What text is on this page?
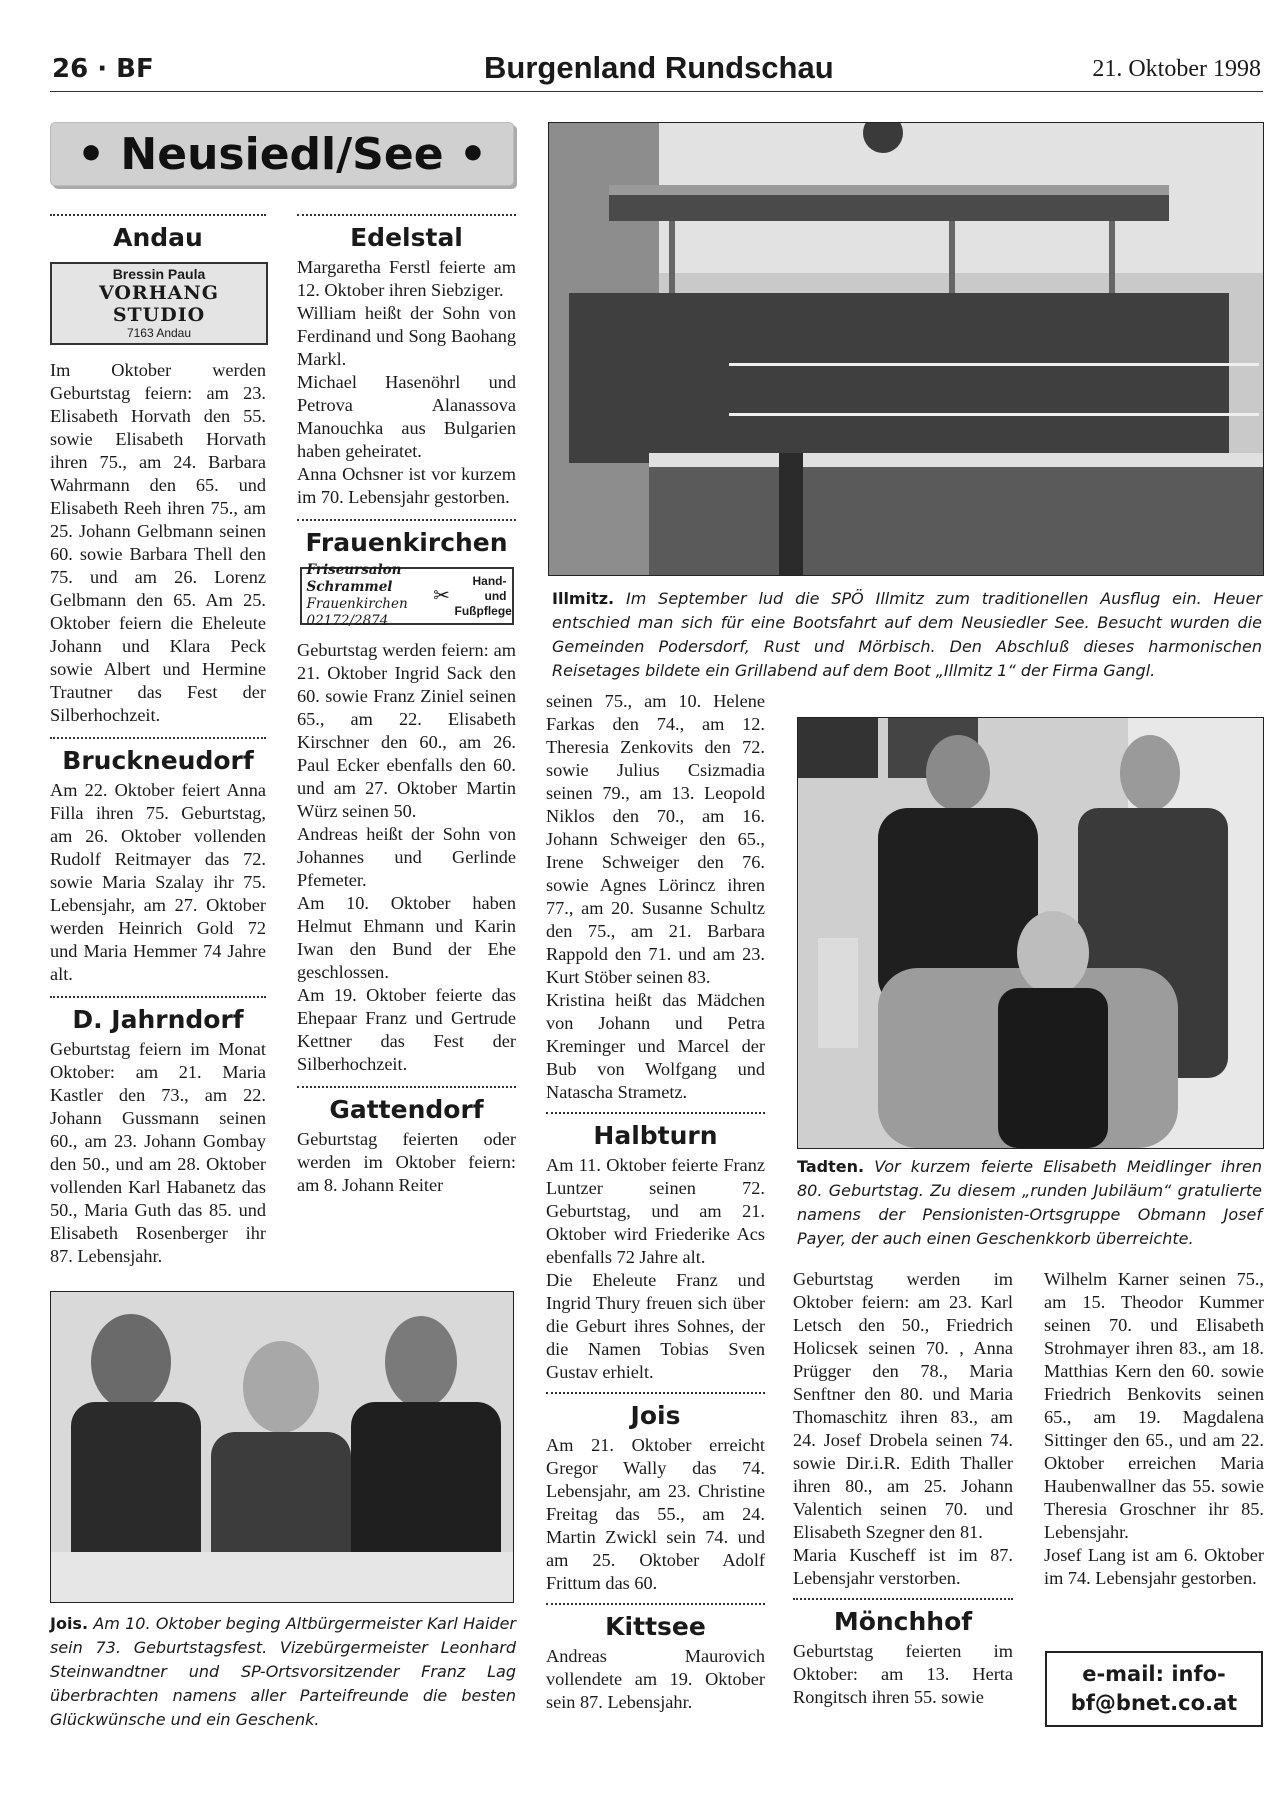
26 · BF	Burgenland Rundschau	21. Oktober 1998
• Neusiedl/See •
Andau
Bressin Paula
VORHANG STUDIO
7163 Andau

Im Oktober werden Geburtstag feiern: am 23. Elisabeth Horvath den 55. sowie Elisabeth Horvath ihren 75., am 24. Barbara Wahrmann den 65. und Elisabeth Reeh ihren 75., am 25. Johann Gelbmann seinen 60. sowie Barbara Thell den 75. und am 26. Lorenz Gelbmann den 65. Am 25. Oktober feiern die Eheleute Johann und Klara Peck sowie Albert und Hermine Trautner das Fest der Silberhochzeit.

Bruckneudorf

Am 22. Oktober feiert Anna Filla ihren 75. Geburtstag, am 26. Oktober vollenden Rudolf Reitmayer das 72. sowie Maria Szalay ihr 75. Lebensjahr, am 27. Oktober werden Heinrich Gold 72 und Maria Hemmer 74 Jahre alt.

D. Jahrndorf

Geburtstag feiern im Monat Oktober: am 21. Maria Kastler den 73., am 22. Johann Gussmann seinen 60., am 23. Johann Gombay den 50., und am 28. Oktober vollenden Karl Habanetz das 50., Maria Guth das 85. und Elisabeth Rosenberger ihr 87. Lebensjahr.

Edelstal

Margaretha Ferstl feierte am 12. Oktober ihren Siebziger.

William heißt der Sohn von Ferdinand und Song Baohang Markl.

Michael Hasenöhrl und Petrova Alanassova Manouchka aus Bulgarien haben geheiratet.

Anna Ochsner ist vor kurzem im 70. Lebensjahr gestorben.

Frauenkirchen
Friseursalon Schrammel
Frauenkirchen
02172/2874
✂
Hand- und Fußpflege

Geburtstag werden feiern: am 21. Oktober Ingrid Sack den 60. sowie Franz Ziniel seinen 65., am 22. Elisabeth Kirschner den 60., am 26. Paul Ecker ebenfalls den 60. und am 27. Oktober Martin Würz seinen 50.

Andreas heißt der Sohn von Johannes und Gerlinde Pfemeter.

Am 10. Oktober haben Helmut Ehmann und Karin Iwan den Bund der Ehe geschlossen.

Am 19. Oktober feierte das Ehepaar Franz und Gertrude Kettner das Fest der Silberhochzeit.

Gattendorf

Geburtstag feierten oder werden im Oktober feiern: am 8. Johann Reiter

Illmitz. Im September lud die SPÖ Illmitz zum traditionellen Ausflug ein. Heuer entschied man sich für eine Bootsfahrt auf dem Neusiedler See. Besucht wurden die Gemeinden Podersdorf, Rust und Mörbisch. Den Abschluß dieses harmonischen Reisetages bildete ein Grillabend auf dem Boot „Illmitz 1“ der Firma Gangl.

seinen 75., am 10. Helene Farkas den 74., am 12. Theresia Zenkovits den 72. sowie Julius Csizmadia seinen 79., am 13. Leopold Niklos den 70., am 16. Johann Schweiger den 65., Irene Schweiger den 76. sowie Agnes Lörincz ihren 77., am 20. Susanne Schultz den 75., am 21. Barbara Rappold den 71. und am 23. Kurt Stöber seinen 83.

Kristina heißt das Mädchen von Johann und Petra Kreminger und Marcel der Bub von Wolfgang und Natascha Strametz.

Halbturn

Am 11. Oktober feierte Franz Luntzer seinen 72. Geburtstag, und am 21. Oktober wird Friederike Acs ebenfalls 72 Jahre alt.

Die Eheleute Franz und Ingrid Thury freuen sich über die Geburt ihres Sohnes, der die Namen Tobias Sven Gustav erhielt.

Jois

Am 21. Oktober erreicht Gregor Wally das 74. Lebensjahr, am 23. Christine Freitag das 55., am 24. Martin Zwickl sein 74. und am 25. Oktober Adolf Frittum das 60.

Kittsee

Andreas Maurovich vollendete am 19. Oktober sein 87. Lebensjahr.

Tadten. Vor kurzem feierte Elisabeth Meidlinger ihren 80. Geburtstag. Zu diesem „runden Jubiläum“ gratulierte namens der Pensionisten-Ortsgruppe Obmann Josef Payer, der auch einen Geschenkkorb überreichte.

Geburtstag werden im Oktober feiern: am 23. Karl Letsch den 50., Friedrich Holicsek seinen 70. , Anna Prügger den 78., Maria Senftner den 80. und Maria Thomaschitz ihren 83., am 24. Josef Drobela seinen 74. sowie Dir.i.R. Edith Thaller ihren 80., am 25. Johann Valentich seinen 70. und Elisabeth Szegner den 81.

Maria Kuscheff ist im 87. Lebensjahr verstorben.

Mönchhof

Geburtstag feierten im Oktober: am 13. Herta Rongitsch ihren 55. sowie

Wilhelm Karner seinen 75., am 15. Theodor Kummer seinen 70. und Elisabeth Strohmayer ihren 83., am 18. Matthias Kern den 60. sowie Friedrich Benkovits seinen 65., am 19. Magdalena Sittinger den 65., und am 22. Oktober erreichen Maria Haubenwallner das 55. sowie Theresia Groschner ihr 85. Lebensjahr.

Josef Lang ist am 6. Oktober im 74. Lebensjahr gestorben.

e-mail: info-
bf@bnet.co.at
Jois. Am 10. Oktober beging Altbürgermeister Karl Haider sein 73. Geburtstagsfest. Vizebürgermeister Leonhard Steinwandtner und SP-Ortsvorsitzender Franz Lag überbrachten namens aller Parteifreunde die besten Glückwünsche und ein Geschenk.
